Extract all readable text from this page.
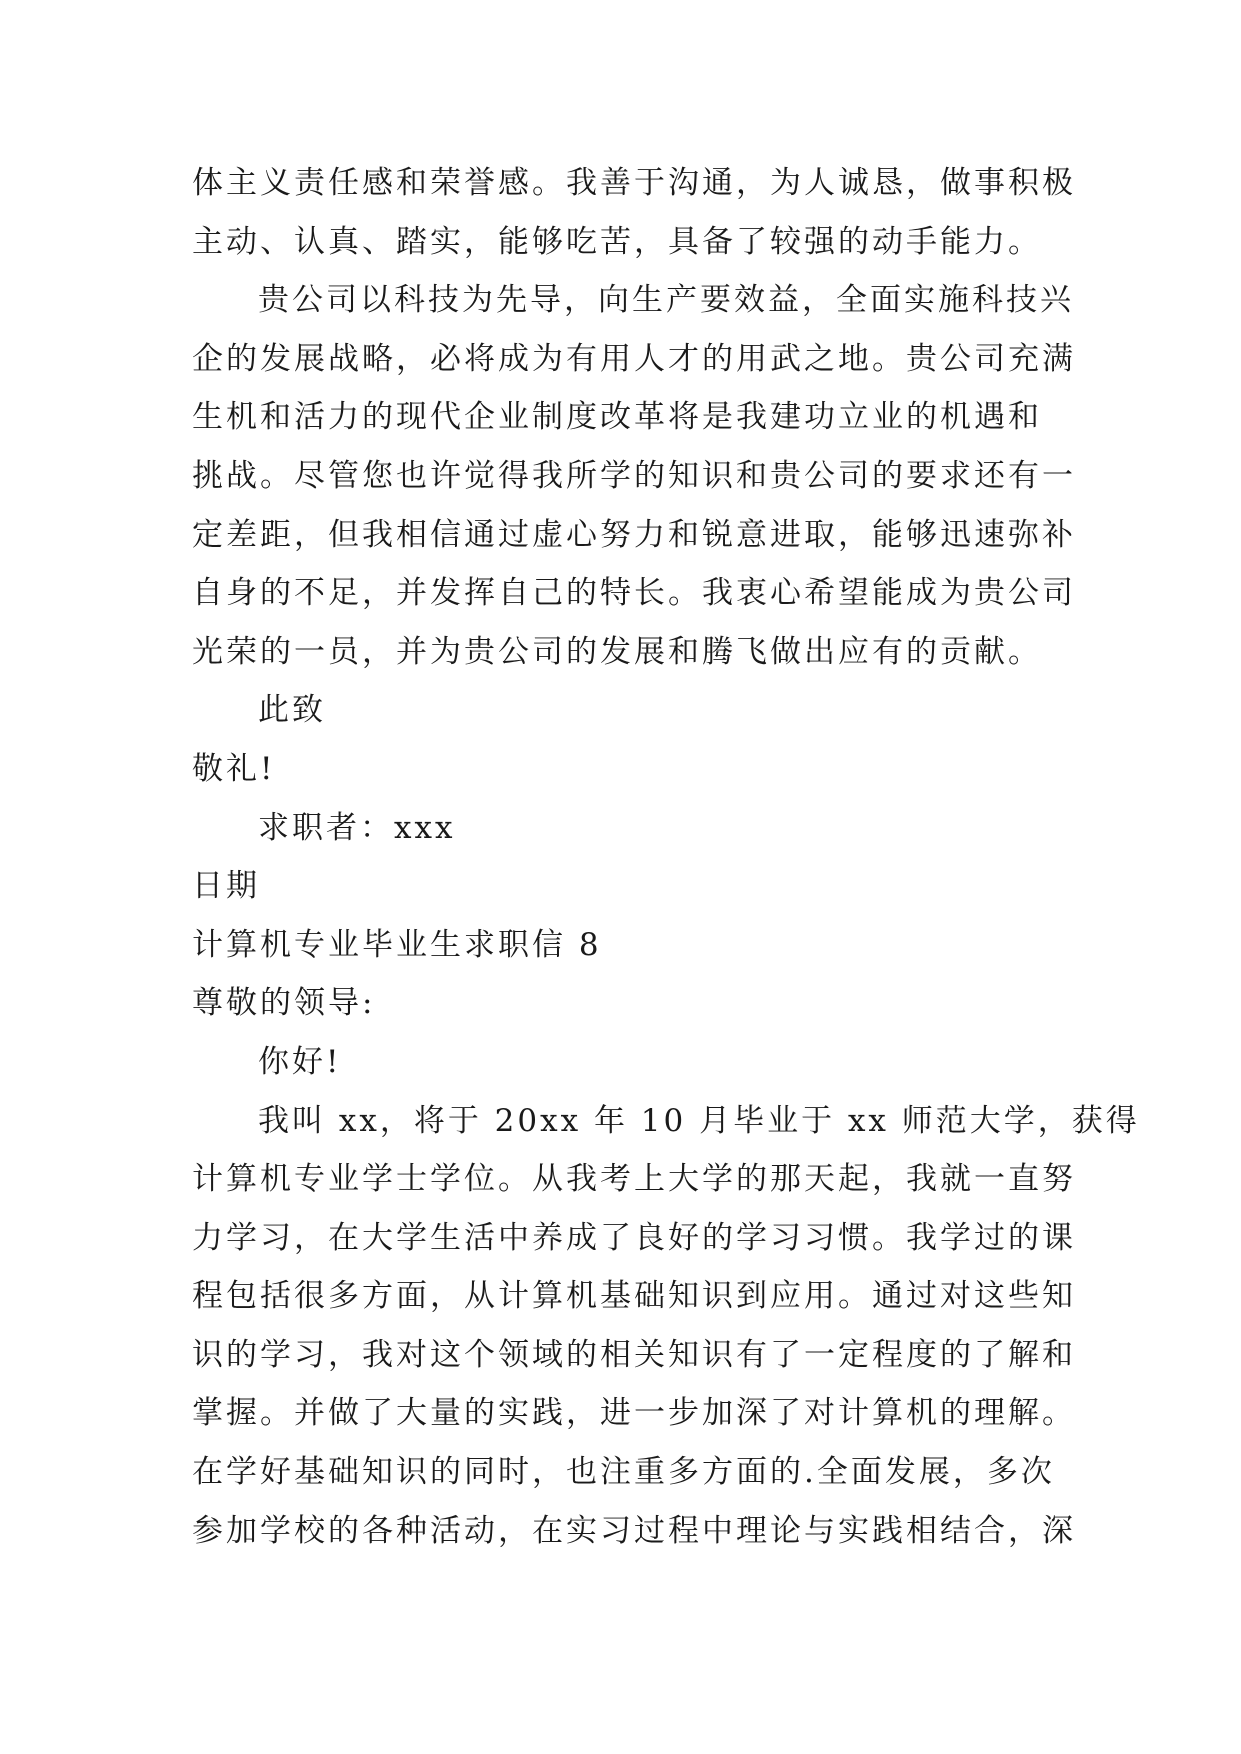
体主义责任感和荣誉感。我善于沟通，为人诚恳，做事积极
主动、认真、踏实，能够吃苦，具备了较强的动手能力。
贵公司以科技为先导，向生产要效益，全面实施科技兴
企的发展战略，必将成为有用人才的用武之地。贵公司充满
生机和活力的现代企业制度改革将是我建功立业的机遇和
挑战。尽管您也许觉得我所学的知识和贵公司的要求还有一
定差距，但我相信通过虚心努力和锐意进取，能够迅速弥补
自身的不足，并发挥自己的特长。我衷心希望能成为贵公司
光荣的一员，并为贵公司的发展和腾飞做出应有的贡献。
此致
敬礼!
求职者：xxx
日期
计算机专业毕业生求职信 8
尊敬的领导:
你好!
我叫 xx，将于 20xx 年 10 月毕业于 xx 师范大学，获得
计算机专业学士学位。从我考上大学的那天起，我就一直努
力学习，在大学生活中养成了良好的学习习惯。我学过的课
程包括很多方面，从计算机基础知识到应用。通过对这些知
识的学习，我对这个领域的相关知识有了一定程度的了解和
掌握。并做了大量的实践，进一步加深了对计算机的理解。
在学好基础知识的同时，也注重多方面的.全面发展，多次
参加学校的各种活动，在实习过程中理论与实践相结合，深
